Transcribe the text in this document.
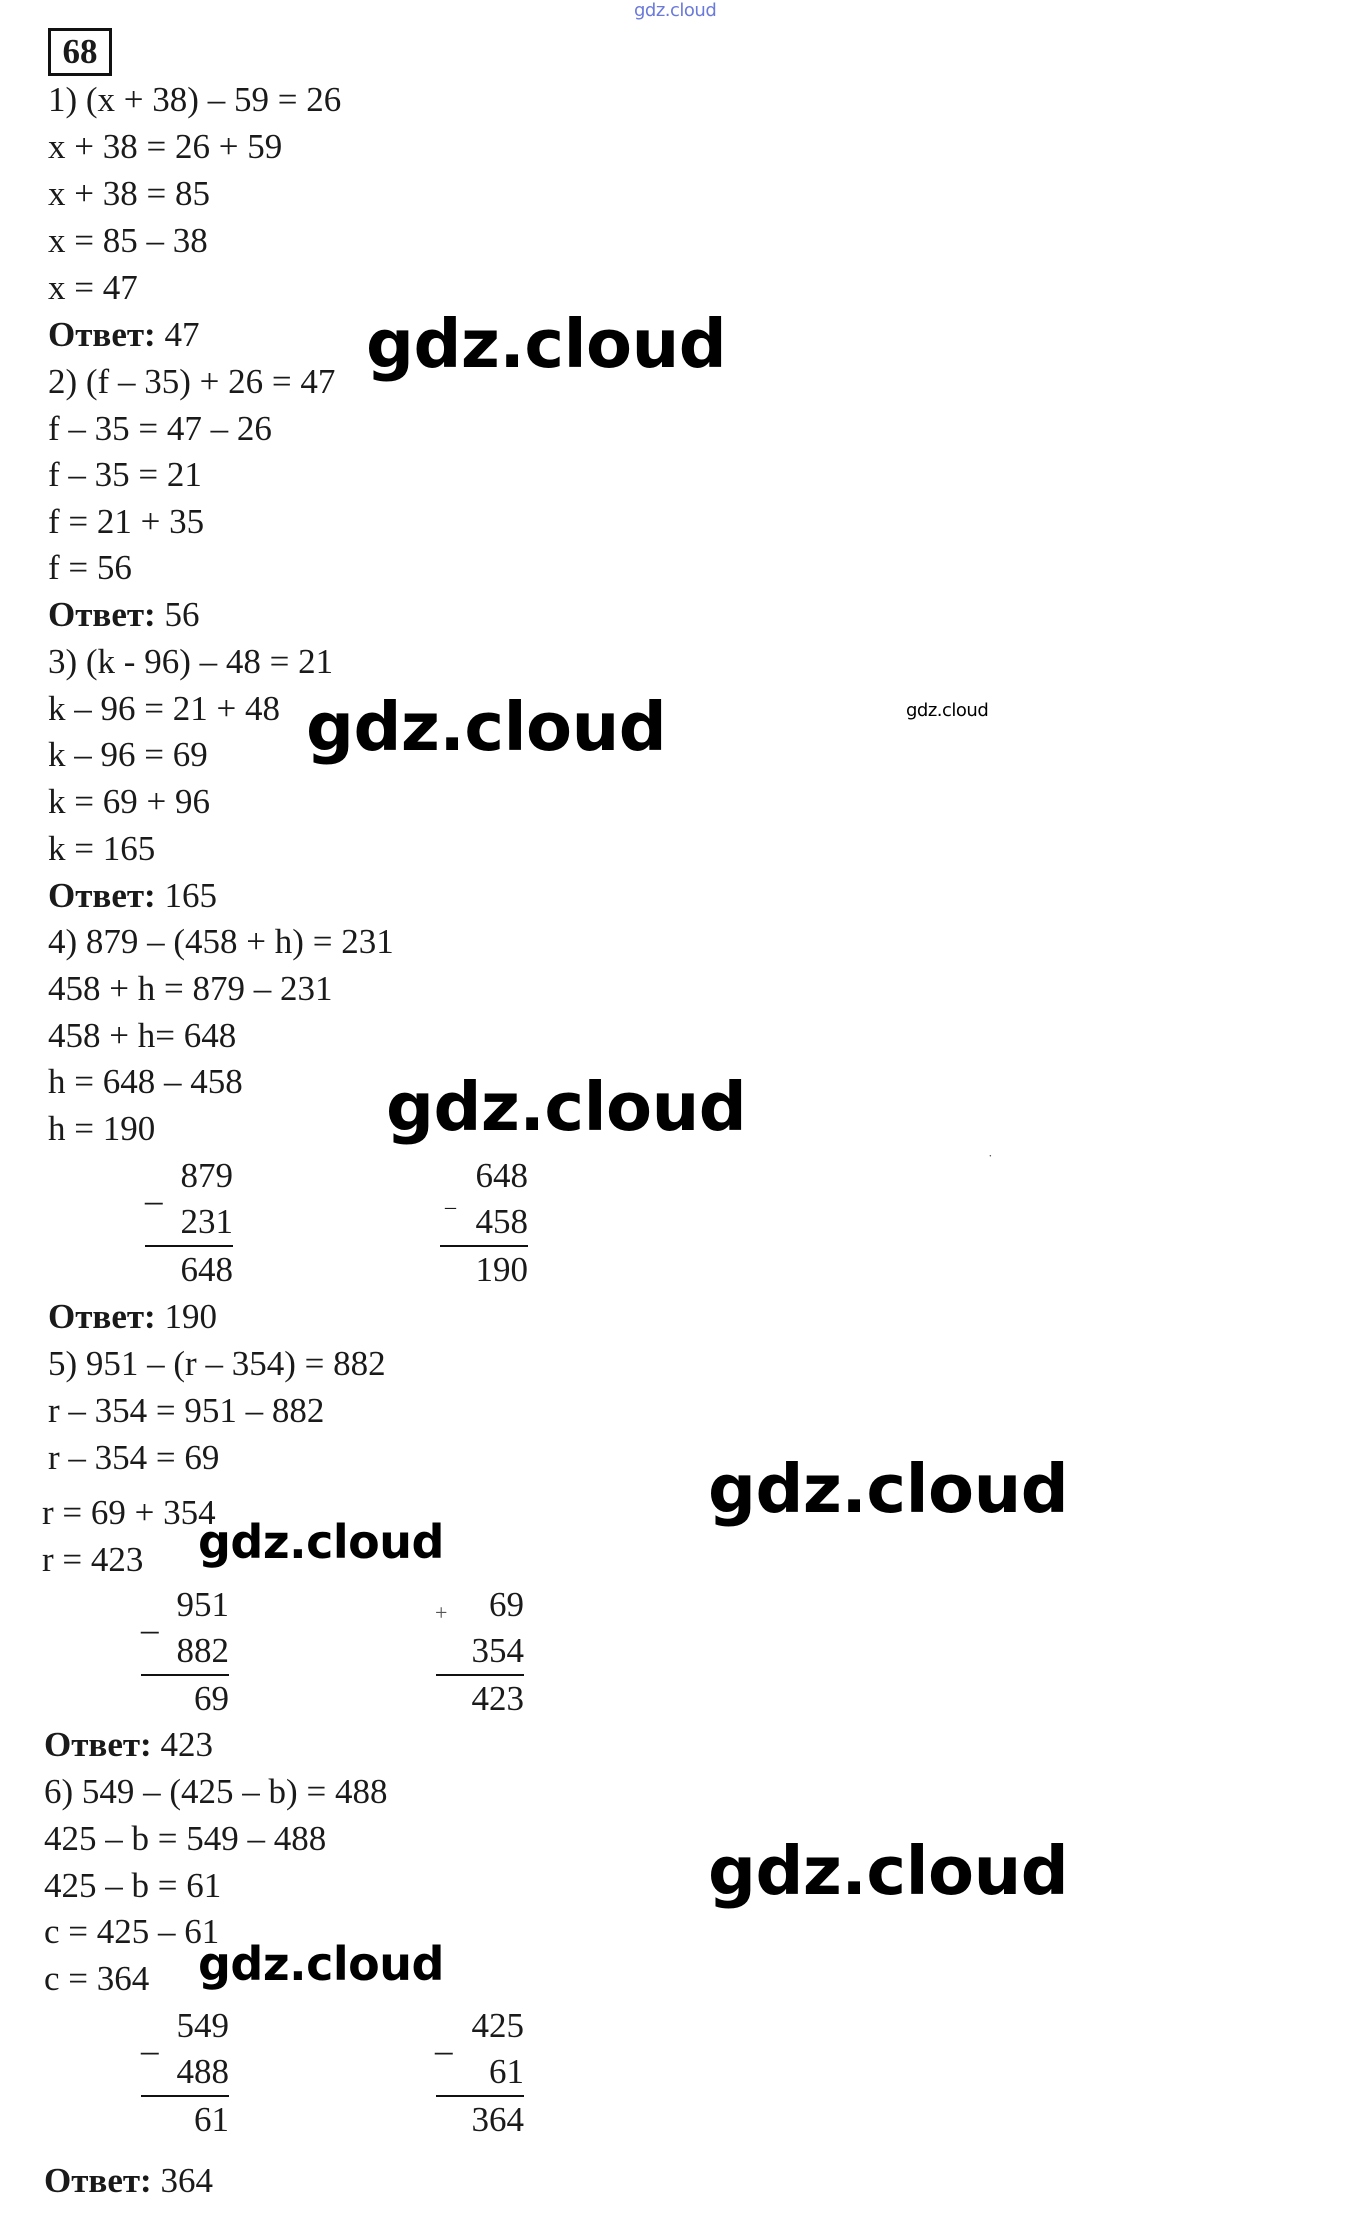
gdz.cloud
68
1) (x + 38) – 59 = 26
x + 38 = 26 + 59
x + 38 = 85
x = 85 – 38
x = 47
Ответ: 47
2) (f – 35) + 26 = 47
f – 35 = 47 – 26
f – 35 = 21
f = 21 + 35
f = 56
Ответ: 56
3) (k - 96) – 48 = 21
k – 96 = 21 + 48
k – 96 = 69
k = 69 + 96
k = 165
Ответ: 165
4) 879 – (458 + h) = 231
458 + h = 879 – 231
458 + h= 648
h = 648 – 458
h = 190
_ 879
231
648
_
648
458
190
Ответ: 190
5) 951 – (r – 354) = 882
r – 354 = 951 – 882
r – 354 = 69
r = 69 + 354
r = 423
_ 951
882
69
+	69
354
423
Ответ: 423
6) 549 – (425 – b) = 488
425 – b = 549 – 488
425 – b = 61
c = 425 – 61
c = 364
_ 549
488
61
_ 425
61
364
Ответ: 364
gdz.cloud
gdz.cloud	gdz.cloud
gdz.cloud
gdz.cloud
gdz.cloud
gdz.cloud
gdz.cloud
˙
